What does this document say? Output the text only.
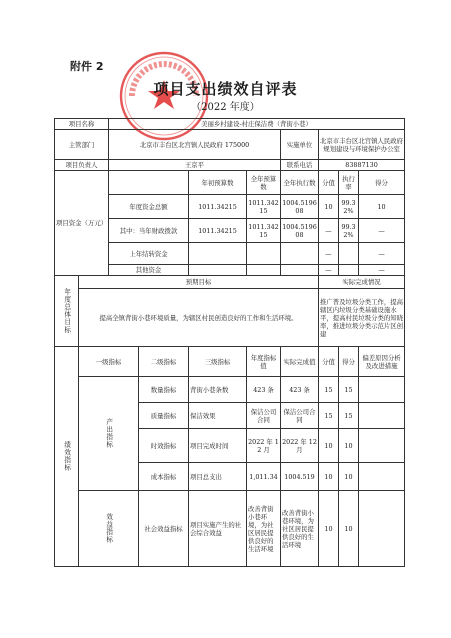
附件 2
项目支出绩效自评表
（2022 年度）
项目名称		美丽乡村建设-村庄保洁费（背街小巷）							
主管部门		北京市丰台区北宫镇人民政府 175000				实施单位	北京市丰台区北宫镇人民政府规划建设与环境保护办公室		
项目负责人		王京平				联系电话	83887130		
项目资金（万元）				年初预算数	全年预算数	全年执行数	分值	执行率	得分
		年度资金总额		1011.34215	1011.34215	1004.519608	10	99.32%	10
		其中：当年财政拨款		1011.34215	1011.34215	1004.519608	—	99.32%	—
		上年结转资金					—		—
		其他资金					—		—
年度总体目标	预期目标						实际完成情况		
	提高全镇背街小巷环境质量，为辖区村民创造良好的工作和生活环境。						推广普及垃圾分类工作，提高辖区内垃圾分类基础设施水平，提高村民垃圾分类的知晓率，推进垃圾分类示范片区创建		
绩效指标	一级指标		二级指标	三级指标	年度指标值	实际完成值	分值	得分	偏差原因分析及改进措施
	产出指标		数量指标	背街小巷条数	423 条	423 条	15	15	
			质量指标	保洁效果	保洁公司合同	保洁公司合同	15	15	
			时效指标	项目完成时间	2022 年 12 月	2022 年 12 月	10	10	
			成本指标	项目总支出	1,011.34	1004.519	10	10	
	效益指标		社会效益指标	项目实施产生的社会综合效益	改善背街小巷环境，为社区居民提供良好的生活环境	改善背街小巷环境，为社区居民提供良好的生活环境	10	10	
